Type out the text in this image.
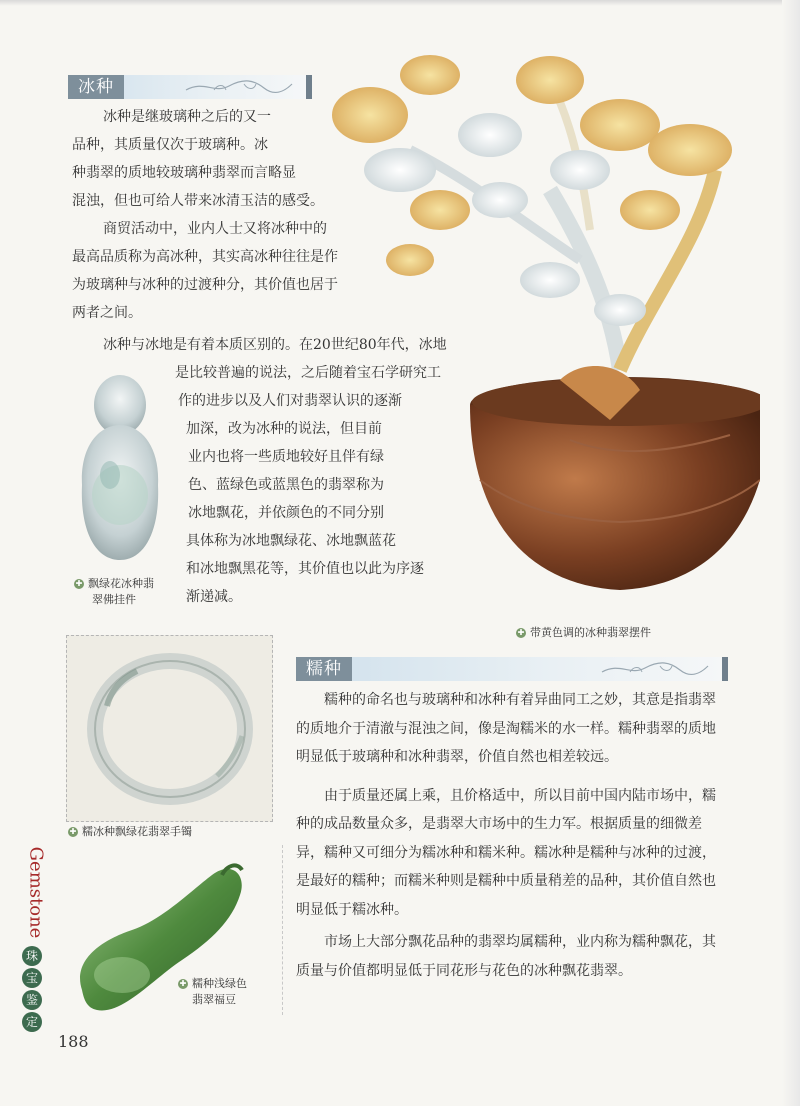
冰种

冰种是继玻璃种之后的又一

品种，其质量仅次于玻璃种。冰

种翡翠的质地较玻璃种翡翠而言略显

混浊，但也可给人带来冰清玉洁的感受。

商贸活动中，业内人士又将冰种中的

最高品质称为高冰种，其实高冰种往往是作

为玻璃种与冰种的过渡种分，其价值也居于

两者之间。

冰种与冰地是有着本质区别的。在20世纪80年代，冰地

是比较普遍的说法，之后随着宝石学研究工

作的进步以及人们对翡翠认识的逐渐

加深，改为冰种的说法，但目前

业内也将一些质地较好且伴有绿

色、蓝绿色或蓝黑色的翡翠称为

冰地飘花，并依颜色的不同分别

具体称为冰地飘绿花、冰地飘蓝花

和冰地飘黑花等，其价值也以此为序逐

渐递减。

✚ 飘绿花冰种翡
翠佛挂件
✚ 带黄色调的冰种翡翠摆件
✚ 糯冰种飘绿花翡翠手镯
✚ 糯种浅绿色
翡翠福豆
糯种

糯种的命名也与玻璃种和冰种有着异曲同工之妙，其意是指翡翠的质地介于清澈与混浊之间，像是淘糯米的水一样。糯种翡翠的质地明显低于玻璃种和冰种翡翠，价值自然也相差较远。

由于质量还属上乘，且价格适中，所以目前中国内陆市场中，糯种的成品数量众多，是翡翠大市场中的生力军。根据质量的细微差异，糯种又可细分为糯冰种和糯米种。糯冰种是糯种与冰种的过渡，是最好的糯种；而糯米种则是糯种中质量稍差的品种，其价值自然也明显低于糯冰种。

市场上大部分飘花品种的翡翠均属糯种，业内称为糯种飘花，其质量与价值都明显低于同花形与花色的冰种飘花翡翠。

Gemstone
珠
宝
鉴
定
188
